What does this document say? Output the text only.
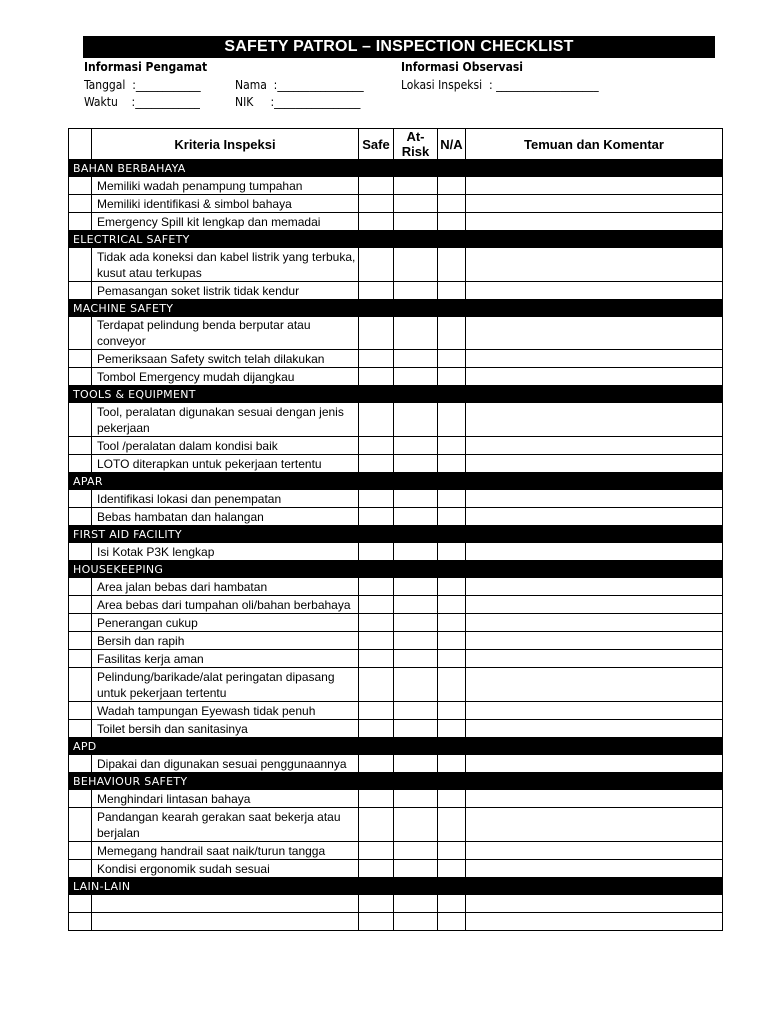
SAFETY PATROL – INSPECTION CHECKLIST
Informasi Pengamat
Tanggal  :____________
Waktu    :____________
Nama  :________________
NIK     :________________
Informasi Observasi
Lokasi Inspeksi  : ___________________
	Kriteria Inspeksi	Safe	At-Risk	N/A	Temuan dan Komentar
BAHAN BERBAHAYA					
	Memiliki wadah penampung tumpahan				
	Memiliki identifikasi & simbol bahaya				
	Emergency Spill kit lengkap dan memadai				
ELECTRICAL SAFETY					
	Tidak ada koneksi dan kabel listrik yang terbuka, kusut atau terkupas				
	Pemasangan soket listrik tidak kendur				
MACHINE SAFETY					
	Terdapat pelindung benda berputar atau conveyor				
	Pemeriksaan Safety switch telah dilakukan				
	Tombol Emergency mudah dijangkau				
TOOLS & EQUIPMENT					
	Tool, peralatan digunakan sesuai dengan jenis pekerjaan				
	Tool /peralatan dalam kondisi baik				
	LOTO diterapkan untuk pekerjaan tertentu				
APAR					
	Identifikasi lokasi dan penempatan				
	Bebas hambatan dan halangan				
FIRST AID FACILITY					
	Isi Kotak P3K lengkap				
HOUSEKEEPING					
	Area jalan bebas dari hambatan				
	Area bebas dari tumpahan oli/bahan berbahaya				
	Penerangan cukup				
	Bersih dan rapih				
	Fasilitas kerja aman				
	Pelindung/barikade/alat peringatan dipasang untuk pekerjaan tertentu				
	Wadah tampungan Eyewash tidak penuh				
	Toilet bersih dan sanitasinya				
APD					
	Dipakai dan digunakan sesuai penggunaannya				
BEHAVIOUR SAFETY					
	Menghindari lintasan bahaya				
	Pandangan kearah gerakan saat bekerja atau berjalan				
	Memegang handrail saat naik/turun tangga				
	Kondisi ergonomik sudah sesuai				
LAIN-LAIN					
